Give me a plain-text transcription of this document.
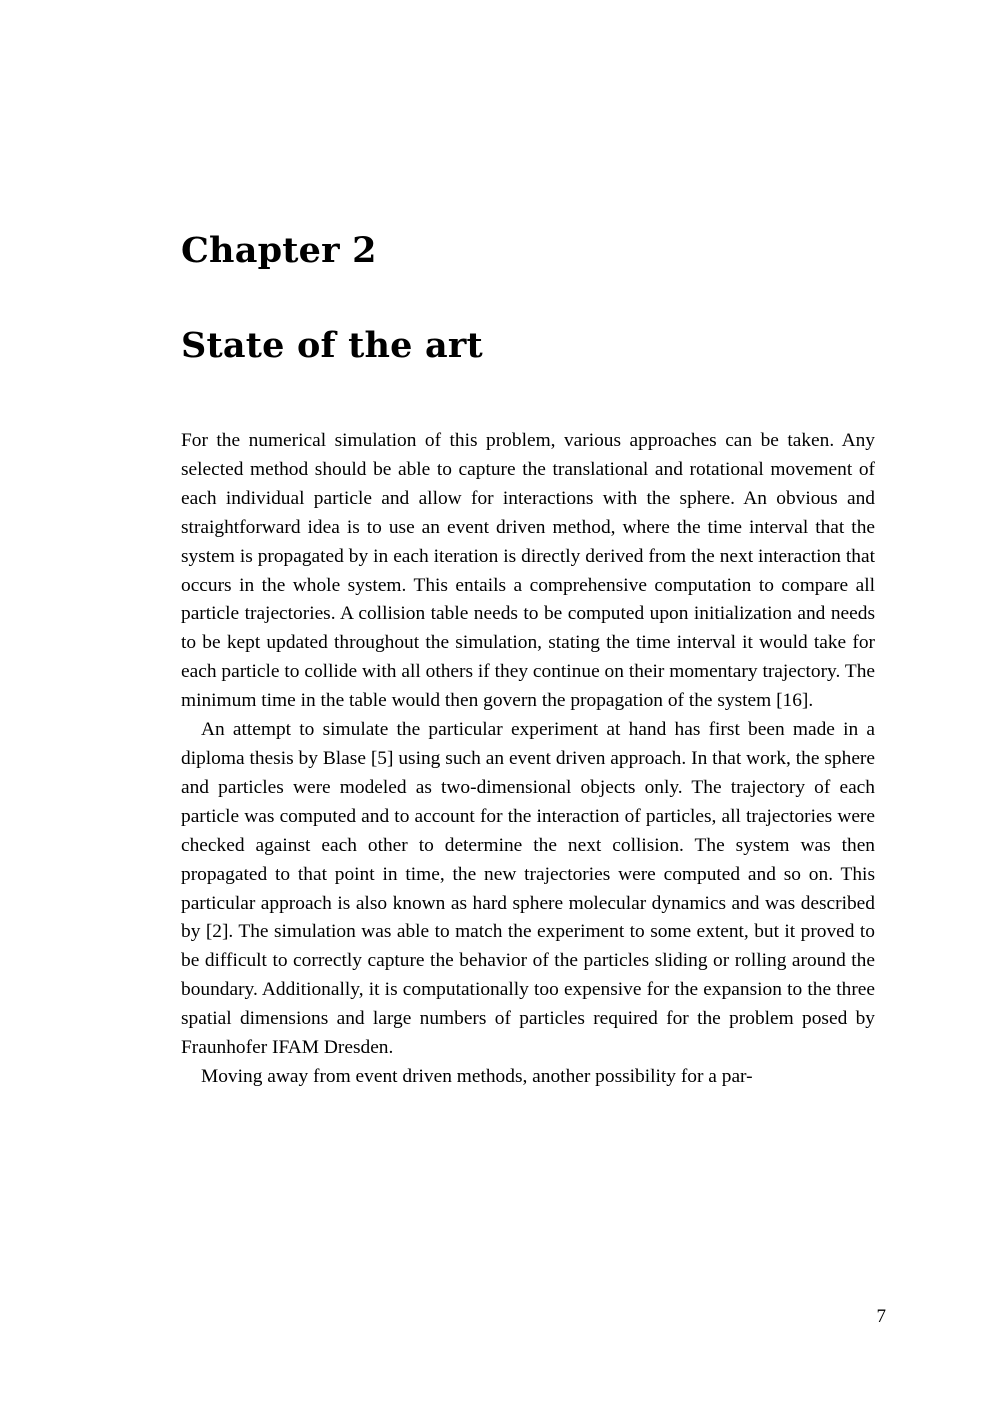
Chapter 2
State of the art

For the numerical simulation of this problem, various approaches can be taken. Any selected method should be able to capture the translational and rotational movement of each individual particle and allow for interactions with the sphere. An obvious and straightforward idea is to use an event driven method, where the time interval that the system is propagated by in each iteration is directly derived from the next interaction that occurs in the whole system. This entails a comprehensive computation to compare all particle trajectories. A collision table needs to be computed upon initialization and needs to be kept updated throughout the simulation, stating the time interval it would take for each particle to collide with all others if they continue on their momentary trajectory. The minimum time in the table would then govern the propagation of the system [16].

An attempt to simulate the particular experiment at hand has first been made in a diploma thesis by Blase [5] using such an event driven approach. In that work, the sphere and particles were modeled as two-dimensional objects only. The trajectory of each particle was computed and to account for the interaction of particles, all trajectories were checked against each other to determine the next collision. The system was then propagated to that point in time, the new trajectories were computed and so on. This particular approach is also known as hard sphere molecular dynamics and was described by [2]. The simulation was able to match the experiment to some extent, but it proved to be difficult to correctly capture the behavior of the particles sliding or rolling around the boundary. Additionally, it is computationally too expensive for the expansion to the three spatial dimensions and large numbers of particles required for the problem posed by Fraunhofer IFAM Dresden.

Moving away from event driven methods, another possibility for a par-

7
